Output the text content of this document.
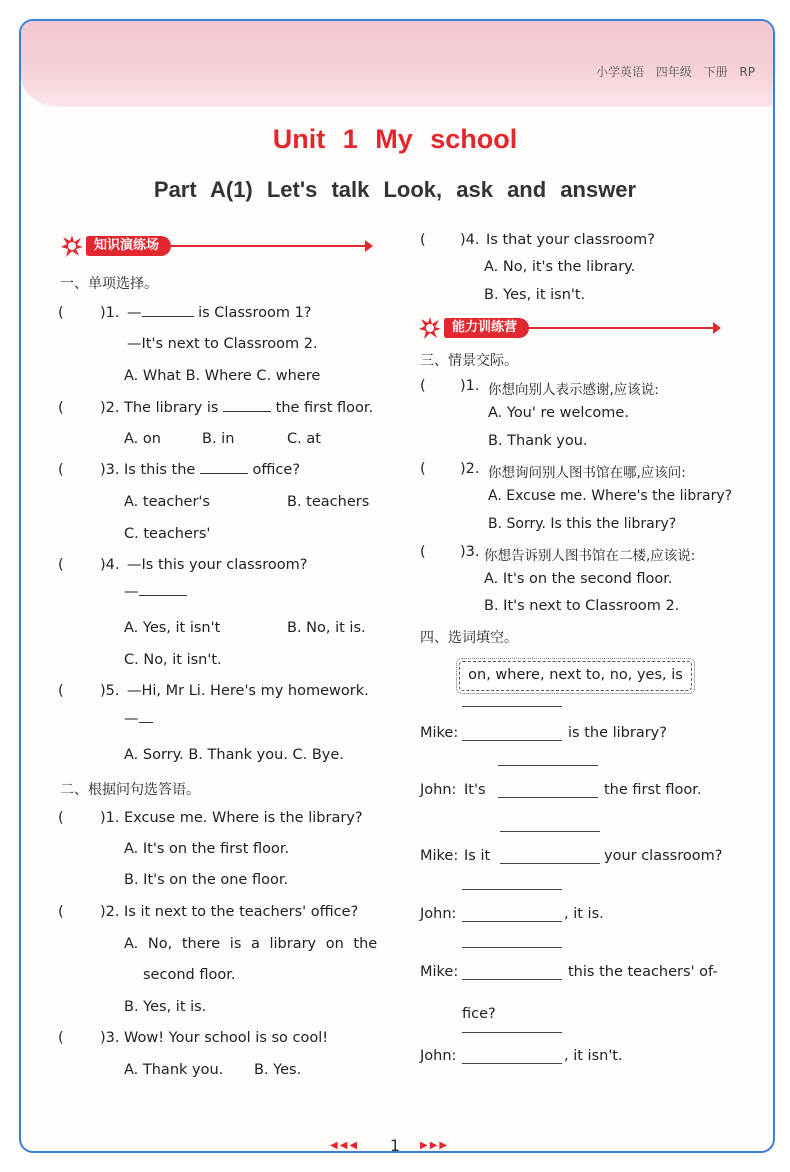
小学英语 四年级 下册 RP
Unit 1 My school
Part A(1) Let's talk Look, ask and answer
知识演练场
一、单项选择。
(	)1. —	is Classroom 1?
—It's next to Classroom 2.
A. What B. Where C. where
(	)2. The library is	the first floor.
A. on	B. in	C. at
(	)3. Is this the	office?
A. teacher's	B. teachers
C. teachers'
(	)4. —Is this your classroom?
—
A. Yes, it isn't	B. No, it is.
C. No, it isn't.
(	)5. —Hi, Mr Li. Here's my homework.
—
A. Sorry. B. Thank you. C. Bye.
二、根据问句选答语。
(	)1. Excuse me. Where is the library?
A. It's on the first floor.
B. It's on the one floor.
(	)2. Is it next to the teachers' office?
A. No, there is a library on the
second floor.
B. Yes, it is.
(	)3. Wow! Your school is so cool!
A. Thank you. B. Yes.
( )4. Is that your classroom?
A. No, it's the library.
B. Yes, it isn't.
能力训练营
三、情景交际。
( )1. 你想向别人表示感谢,应该说:
A. You' re welcome.
B. Thank you.
( )2. 你想询问别人图书馆在哪,应该问:
A. Excuse me. Where's the library?
B. Sorry. Is this the library?
( )3. 你想告诉别人图书馆在二楼,应该说:
A. It's on the second floor.
B. It's next to Classroom 2.
四、选词填空。
on, where, next to, no, yes, is
Mike:	is the library?
John: It's	the first floor.
Mike: Is it	your classroom?
John:	, it is.
Mike:	this the teachers' of-
fice?
John:	, it isn't.
◀◀◀	1	▶▶▶
